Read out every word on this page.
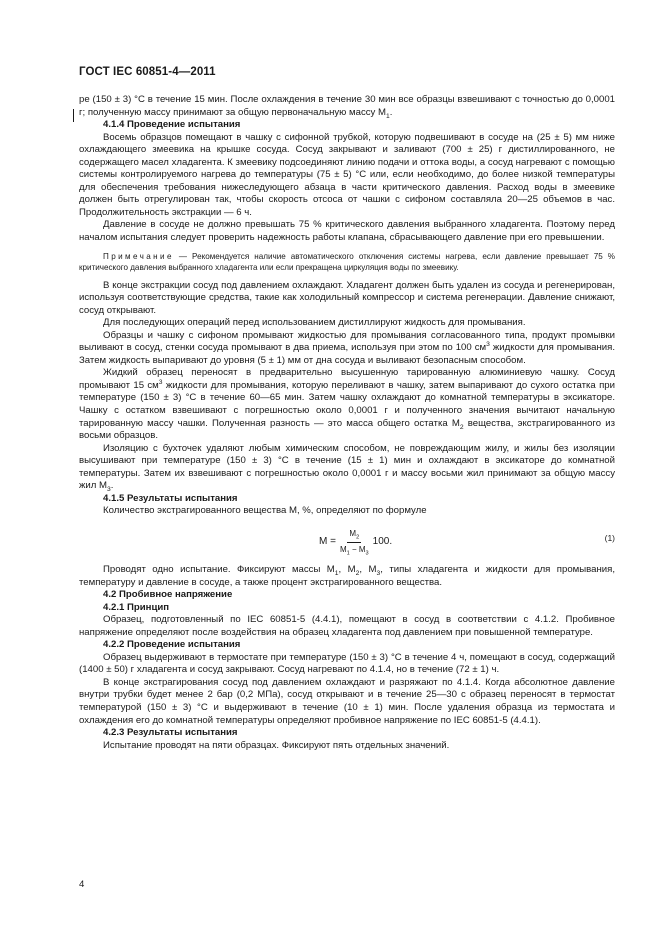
ГОСТ IEC 60851-4—2011

ре (150 ± 3) °С в течение 15 мин. После охлаждения в течение 30 мин все образцы взвешивают с точностью до 0,0001 г; полученную массу принимают за общую первоначальную массу $M_1$.

4.1.4 Проведение испытания

Восемь образцов помещают в чашку с сифонной трубкой, которую подвешивают в сосуде на (25 ± 5) мм ниже охлаждающего змеевика на крышке сосуда. Сосуд закрывают и заливают (700 ± 25) г дистиллированного, не содержащего масел хладагента. К змеевику подсоединяют линию подачи и оттока воды, а сосуд нагревают с помощью системы контролируемого нагрева до температуры (75 ± 5) °С или, если необходимо, до более низкой температуры для обеспечения требования нижеследующего абзаца в части критического давления. Расход воды в змеевике должен быть отрегулирован так, чтобы скорость отсоса от чашки с сифоном составляла 20—25 объемов в час. Продолжительность экстракции — 6 ч.

Давление в сосуде не должно превышать 75 % критического давления выбранного хладагента. Поэтому перед началом испытания следует проверить надежность работы клапана, сбрасывающего давление при его превышении.

Примечание — Рекомендуется наличие автоматического отключения системы нагрева, если давление превышает 75 % критического давления выбранного хладагента или если прекращена циркуляция воды по змеевику.

В конце экстракции сосуд под давлением охлаждают. Хладагент должен быть удален из сосуда и регенерирован, используя соответствующие средства, такие как холодильный компрессор и система регенерации. Давление снижают, сосуд открывают.

Для последующих операций перед использованием дистиллируют жидкость для промывания.

Образцы и чашку с сифоном промывают жидкостью для промывания согласованного типа, продукт промывки выливают в сосуд, стенки сосуда промывают в два приема, используя при этом по 100 $см^3$ жидкости для промывания. Затем жидкость выпаривают до уровня (5 ± 1) мм от дна сосуда и выливают безопасным способом.

Жидкий образец переносят в предварительно высушенную тарированную алюминиевую чашку. Сосуд промывают 15 $см^3$ жидкости для промывания, которую переливают в чашку, затем выпаривают до сухого остатка при температуре (150 ± 3) °С в течение 60—65 мин. Затем чашку охлаждают до комнатной температуры в эксикаторе. Чашку с остатком взвешивают с погрешностью около 0,0001 г и полученного значения вычитают начальную тарированную массу чашки. Полученная разность — это масса общего остатка $M_2$ вещества, экстрагированного из восьми образцов.

Изоляцию с бухточек удаляют любым химическим способом, не повреждающим жилу, и жилы без изоляции высушивают при температуре (150 ± 3) °С в течение (15 ± 1) мин и охлаждают в эксикаторе до комнатной температуры. Затем их взвешивают с погрешностью около 0,0001 г и массу восьми жил принимают за общую массу жил $M_3$.

4.1.5 Результаты испытания

Количество экстрагированного вещества M, %, определяют по формуле

$M = \frac{M_2}{M_1 - M_3} 100$.	(1)

Проводят одно испытание. Фиксируют массы $M_1$, $M_2$, $M_3$, типы хладагента и жидкости для промывания, температуру и давление в сосуде, а также процент экстрагированного вещества.

4.2 Пробивное напряжение
4.2.1 Принцип

Образец, подготовленный по IEC 60851-5 (4.4.1), помещают в сосуд в соответствии с 4.1.2. Пробивное напряжение определяют после воздействия на образец хладагента под давлением при повышенной температуре.

4.2.2 Проведение испытания

Образец выдерживают в термостате при температуре (150 ± 3) °С в течение 4 ч, помещают в сосуд, содержащий (1400 ± 50) г хладагента и сосуд закрывают. Сосуд нагревают по 4.1.4, но в течение (72 ± 1) ч.

В конце экстрагирования сосуд под давлением охлаждают и разряжают по 4.1.4. Когда абсолютное давление внутри трубки будет менее 2 бар (0,2 МПа), сосуд открывают и в течение 25—30 с образец переносят в термостат температурой (150 ± 3) °С и выдерживают в течение (10 ± 1) мин. После удаления образца из термостата и охлаждения его до комнатной температуры определяют пробивное напряжение по IEC 60851-5 (4.4.1).

4.2.3 Результаты испытания

Испытание проводят на пяти образцах. Фиксируют пять отдельных значений.

4
